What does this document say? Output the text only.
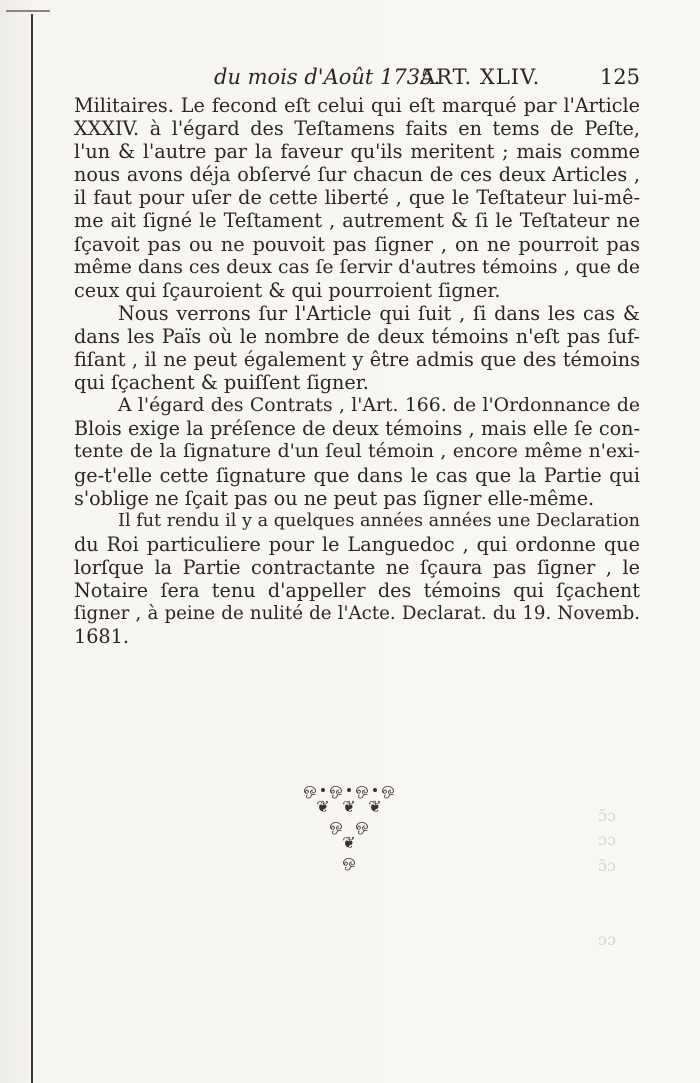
du mois d'Août 1735.
ART. XLIV.	125
Militaires. Le fecond eſt celui qui eſt marqué par l'Article
XXXIV. à l'égard des Teſtamens faits en tems de Peſte,
l'un & l'autre par la faveur qu'ils meritent ; mais comme
nous avons déja obſervé ſur chacun de ces deux Articles ,
il faut pour uſer de cette liberté , que le Teſtateur lui-mê-
me ait ſigné le Teſtament , autrement & ſi le Teſtateur ne
ſçavoit pas ou ne pouvoit pas ſigner , on ne pourroit pas
même dans ces deux cas ſe ſervir d'autres témoins , que de
ceux qui ſçauroient & qui pourroient ſigner.
Nous verrons ſur l'Article qui ſuit , ſi dans les cas &
dans les Païs où le nombre de deux témoins n'eſt pas ſuf-
fiſant , il ne peut également y être admis que des témoins
qui ſçachent & puiſſent ſigner.
A l'égard des Contrats , l'Art. 166. de l'Ordonnance de
Blois exige la préſence de deux témoins , mais elle ſe con-
tente de la ſignature d'un ſeul témoin , encore même n'exi-
ge-t'elle cette ſignature que dans le cas que la Partie qui
s'oblige ne ſçait pas ou ne peut pas ſigner elle-même.
Il fut rendu il y a quelques années années une Declaration
du Roi particuliere pour le Languedoc , qui ordonne que
lorſque la Partie contractante ne ſçaura pas ſigner , le
Notaire ſera tenu d'appeller des témoins qui ſçachent
ſigner , à peine de nulité de l'Acte. Declarat. du 19. Novemb.
1681.
ஒ ஒ ஒ ஒ
❦ ❦ ❦
ஒ ஒ
❦
ஒ
ɔ̃ɔ
ɔɔ
ɔ̃ɔ
ɔɔ
